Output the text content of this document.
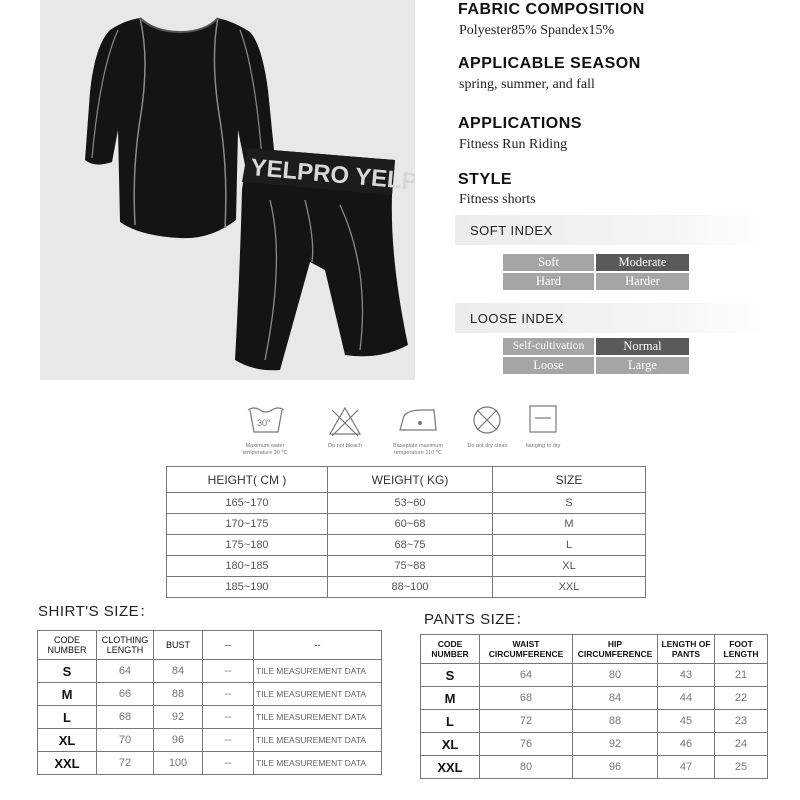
YELPRO YELPRO
FABRIC COMPOSITION
Polyester85% Spandex15%
APPLICABLE SEASON
spring, summer, and fall
APPLICATIONS
Fitness Run Riding
STYLE
Fitness shorts
SOFT INDEX
Soft	Moderate
Hard	Harder
LOOSE INDEX
Self-cultivation	Normal
Loose	Large
30°
Maximum water
temperature 30 ℃
Do not bleach	Baseplate maximum
temperature 110 ℃
Do not dry clean	hanging to dry
HEIGHT( CM )	WEIGHT( KG)	SIZE
165~170	53~60	S
170~175	60~68	M
175~180	68~75	L
180~185	75~88	XL
185~190	88~100	XXL
SHIRT'S SIZE：
CODE NUMBER	CLOTHING LENGTH	BUST	--	--
S	64	84	--	TILE MEASUREMENT DATA
M	66	88	--	TILE MEASUREMENT DATA
L	68	92	--	TILE MEASUREMENT DATA
XL	70	96	--	TILE MEASUREMENT DATA
XXL	72	100	--	TILE MEASUREMENT DATA
PANTS SIZE：
CODE NUMBER	WAIST CIRCUMFERENCE	HIP CIRCUMFERENCE	LENGTH OF PANTS	FOOT LENGTH
S	64	80	43	21
M	68	84	44	22
L	72	88	45	23
XL	76	92	46	24
XXL	80	96	47	25
